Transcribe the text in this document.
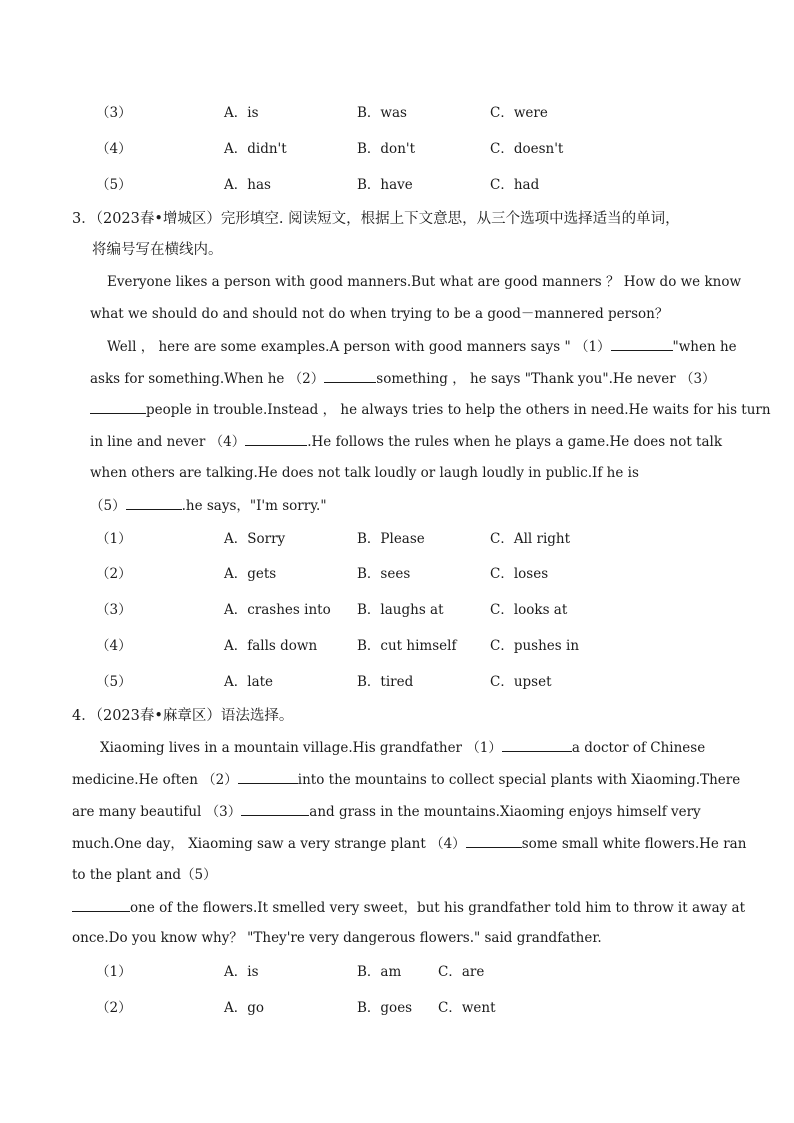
（3）	A．is	B．was	C．were
（4）	A．didn't	B．don't	C．doesn't
（5）	A．has	B．have	C．had
3．（2023春•增城区）完形填空. 阅读短文，根据上下文意思，从三个选项中选择适当的单词，
将编号写在横线内。
Everyone likes a person with good manners.But what are good manners ？ How do we know
what we should do and should not do when trying to be a good－mannered person？
Well ， here are some examples.A person with good manners says " （1）	"when he
asks for something.When he （2）	something ， he says "Thank you".He never （3）
people in trouble.Instead ， he always tries to help the others in need.He waits for his turn
in line and never （4）	.He follows the rules when he plays a game.He does not talk
when others are talking.He does not talk loudly or laugh loudly in public.If he is
（5）	.he says，"I'm sorry."
（1）	A．Sorry	B．Please	C．All right
（2）	A．gets	B．sees	C．loses
（3）	A．crashes into B．laughs at	C．looks at
（4）	A．falls down	B．cut himself C．pushes in
（5）	A．late	B．tired	C．upset
4．（2023春•麻章区）语法选择。
Xiaoming lives in a mountain village.His grandfather （1）	a doctor of Chinese
medicine.He often （2）	into the mountains to collect special plants with Xiaoming.There
are many beautiful （3）	and grass in the mountains.Xiaoming enjoys himself very
much.One day， Xiaoming saw a very strange plant （4）	some small white flowers.He ran
to the plant and（5）
one of the flowers.It smelled very sweet，but his grandfather told him to throw it away at
once.Do you know why？ "They're very dangerous flowers." said grandfather.
（1）	A．is	B．am	C．are
（2）	A．go	B．goes C．went
